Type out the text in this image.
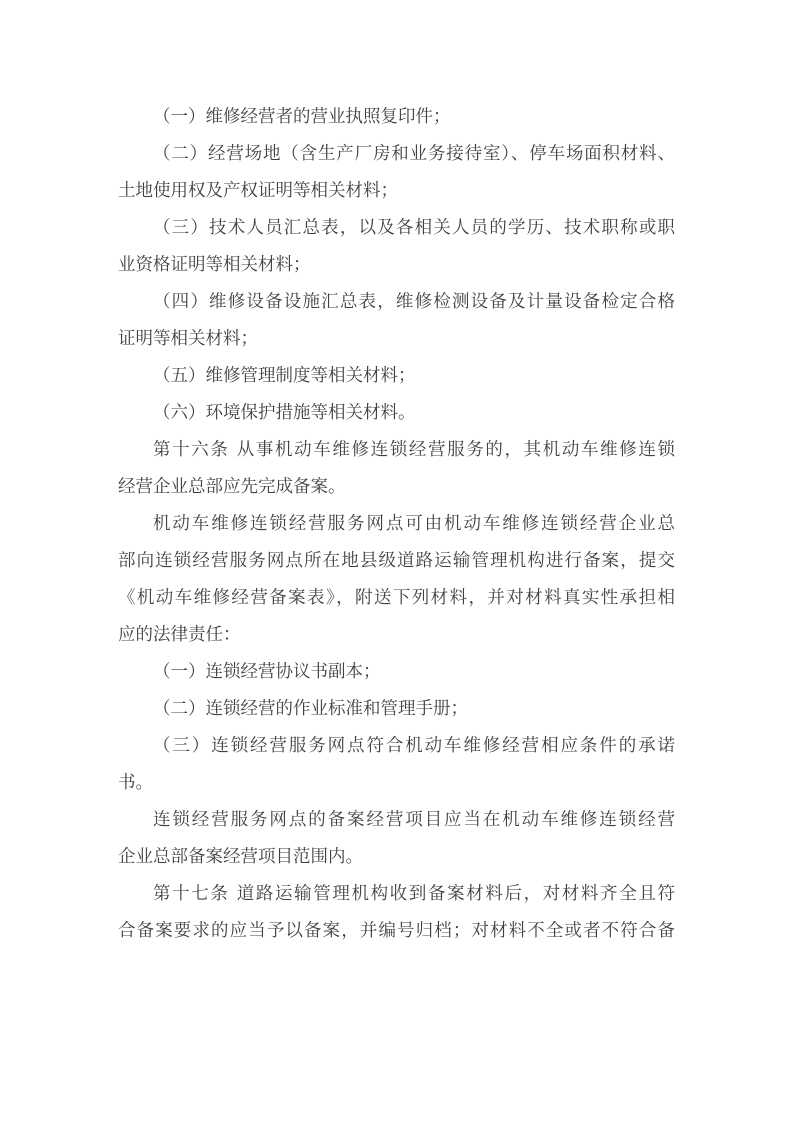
（一）维修经营者的营业执照复印件；
（二）经营场地（含生产厂房和业务接待室）、停车场面积材料、
土地使用权及产权证明等相关材料；
（三）技术人员汇总表，以及各相关人员的学历、技术职称或职
业资格证明等相关材料；
（四）维修设备设施汇总表，维修检测设备及计量设备检定合格
证明等相关材料；
（五）维修管理制度等相关材料；
（六）环境保护措施等相关材料。
第十六条 从事机动车维修连锁经营服务的，其机动车维修连锁
经营企业总部应先完成备案。
机动车维修连锁经营服务网点可由机动车维修连锁经营企业总
部向连锁经营服务网点所在地县级道路运输管理机构进行备案，提交
《机动车维修经营备案表》，附送下列材料，并对材料真实性承担相
应的法律责任：
（一）连锁经营协议书副本；
（二）连锁经营的作业标准和管理手册；
（三）连锁经营服务网点符合机动车维修经营相应条件的承诺
书。
连锁经营服务网点的备案经营项目应当在机动车维修连锁经营
企业总部备案经营项目范围内。
第十七条 道路运输管理机构收到备案材料后，对材料齐全且符
合备案要求的应当予以备案，并编号归档；对材料不全或者不符合备
